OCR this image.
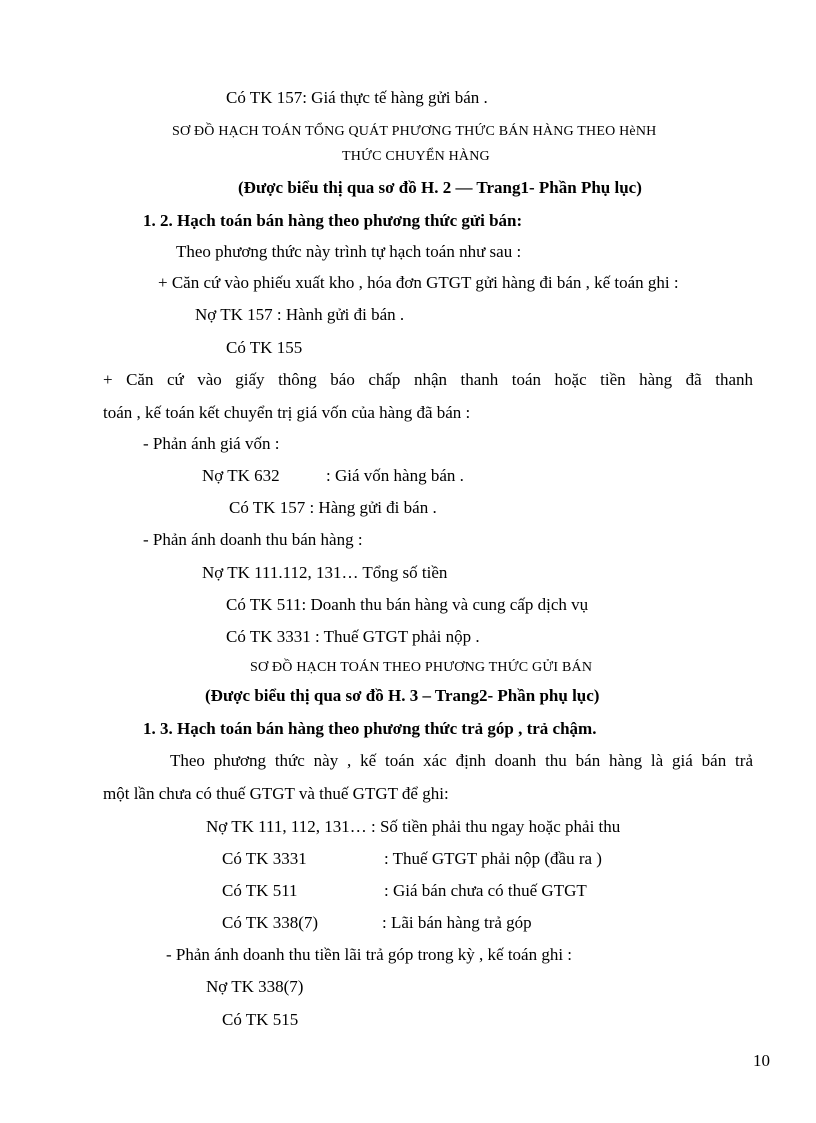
Có TK 157: Giá thực tế hàng gửi bán .
SƠ ĐỒ HẠCH TOÁN TỔNG QUÁT PHƯƠNG THỨC BÁN HÀNG THEO HèNH
THỨC CHUYỂN HÀNG
(Được biểu thị qua sơ đồ H. 2 — Trang1- Phần Phụ lục)
1. 2. Hạch toán bán hàng theo phương thức gửi bán:
Theo phương thức này trình tự hạch toán như sau :
+ Căn cứ vào phiếu xuất kho , hóa đơn GTGT gửi hàng đi bán , kế toán ghi :
Nợ TK 157 : Hành gửi đi bán .
Có TK 155
+ Căn cứ vào giấy thông báo chấp nhận thanh toán hoặc tiền hàng đã thanh
toán , kế toán kết chuyển trị giá vốn của hàng đã bán :
- Phản ánh giá vốn :
Nợ TK 632	: Giá vốn hàng bán .
Có TK 157 : Hàng gửi đi bán .
- Phản ánh doanh thu bán hàng :
Nợ TK 111.112, 131… Tổng số tiền
Có TK 511: Doanh thu bán hàng và cung cấp dịch vụ
Có TK 3331 : Thuế GTGT phải nộp .
SƠ ĐỒ HẠCH TOÁN THEO PHƯƠNG THỨC GỬI BÁN
(Được biểu thị qua sơ đồ H. 3 – Trang2- Phần phụ lục)
1. 3. Hạch toán bán hàng theo phương thức trả góp , trả chậm.
Theo phương thức này , kế toán xác định doanh thu bán hàng là giá bán trả
một lần chưa có thuế GTGT và thuế GTGT để ghi:
Nợ TK 111, 112, 131… : Số tiền phải thu ngay hoặc phải thu
Có TK 3331	: Thuế GTGT phải nộp (đầu ra )
Có TK 511	: Giá bán chưa có thuế GTGT
Có TK 338(7)	: Lãi bán hàng trả góp
- Phản ánh doanh thu tiền lãi trả góp trong kỳ , kế toán ghi :
Nợ TK 338(7)
Có TK 515
10
